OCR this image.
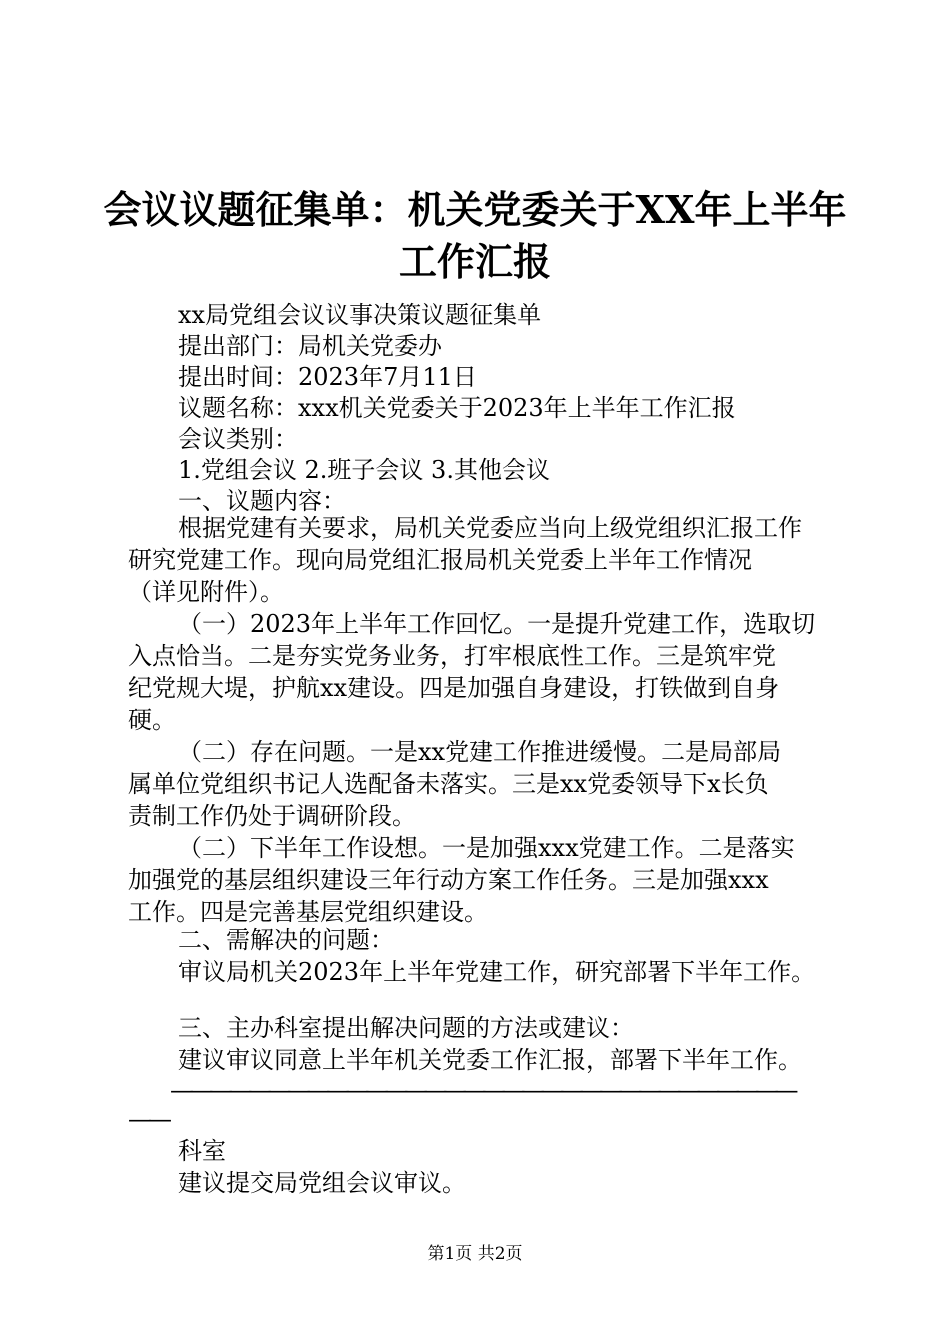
会议议题征集单：机关党委关于XX年上半年
工作汇报

xx局党组会议议事决策议题征集单

提出部门：局机关党委办

提出时间：2023年7月11日

议题名称：xxx机关党委关于2023年上半年工作汇报

会议类别：

1.党组会议 2.班子会议 3.其他会议

一、议题内容：

根据党建有关要求，局机关党委应当向上级党组织汇报工作

研究党建工作。现向局党组汇报局机关党委上半年工作情况

（详见附件）。

（一）2023年上半年工作回忆。一是提升党建工作，选取切

入点恰当。二是夯实党务业务，打牢根底性工作。三是筑牢党

纪党规大堤，护航xx建设。四是加强自身建设，打铁做到自身

硬。

（二）存在问题。一是xx党建工作推进缓慢。二是局部局

属单位党组织书记人选配备未落实。三是xx党委领导下x长负

责制工作仍处于调研阶段。

（二）下半年工作设想。一是加强xxx党建工作。二是落实

加强党的基层组织建设三年行动方案工作任务。三是加强xxx

工作。四是完善基层党组织建设。

二、需解决的问题：

审议局机关2023年上半年党建工作，研究部署下半年工作。

三、主办科室提出解决问题的方法或建议：

建议审议同意上半年机关党委工作汇报，部署下半年工作。

————————————————————————————————

——

科室

建议提交局党组会议审议。

第1页 共2页
